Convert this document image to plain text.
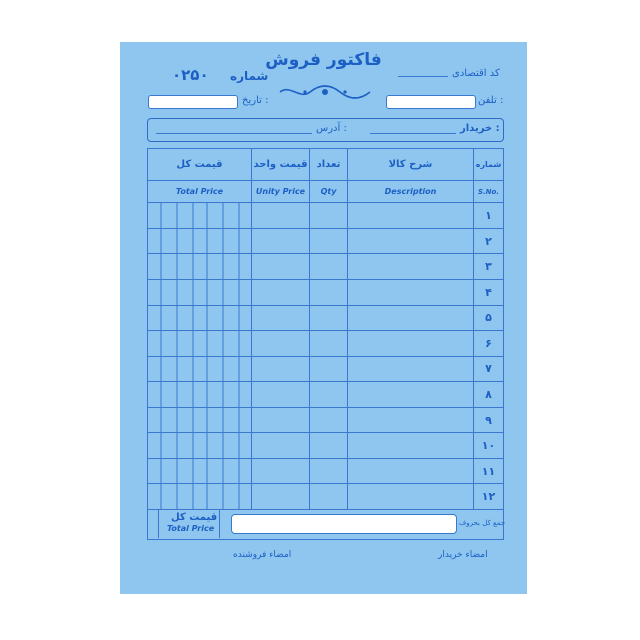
فاکتور فروش
شماره
۰۲۵۰	کد اقتصادی
تاریخ :	تلفن :
خریدار :
آدرس :
قیمت کل	قیمت واحد	تعداد	شرح کالا	شماره
Total Price	Unity Price	Qty	Description	S.No.
				۱
				۲
				۳
				۴
				۵
				۶
				۷
				۸
				۹
				۱۰
				۱۱
				۱۲

قیمت کل
Total Price
جمع کل بحروف
امضاء فروشنده	امضاء خریدار
